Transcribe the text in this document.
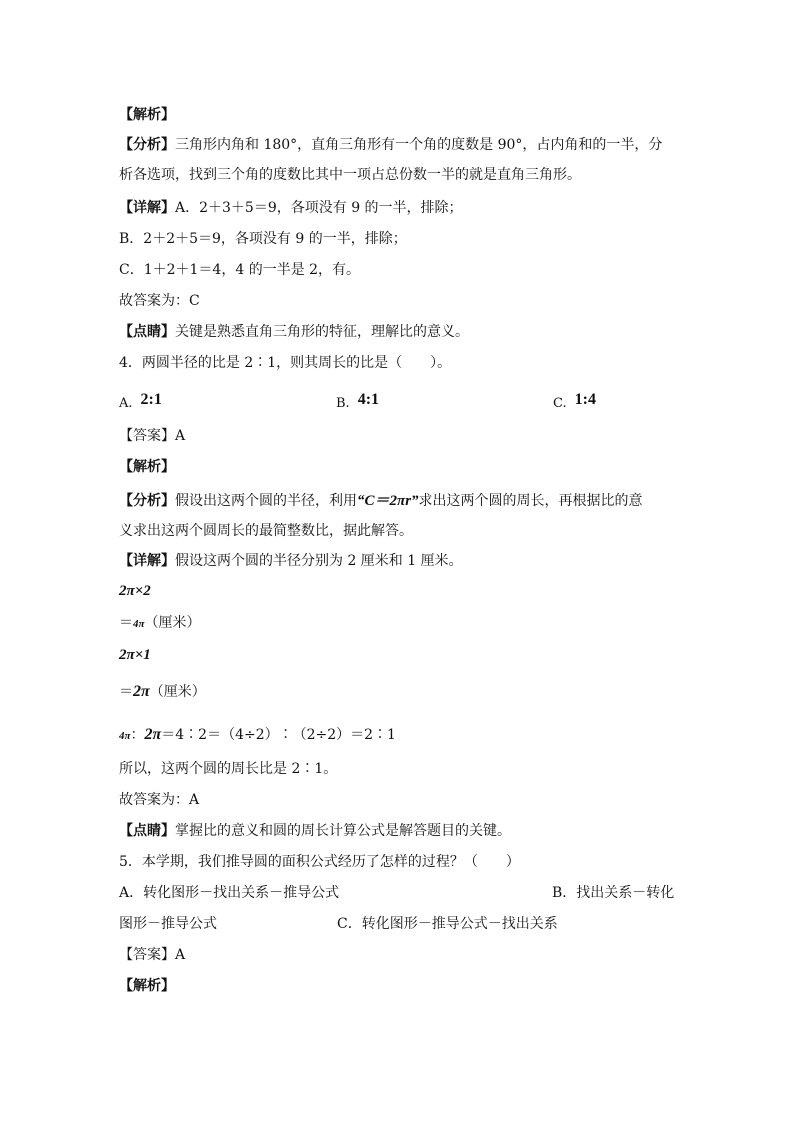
【解析】
【分析】三角形内角和 180°，直角三角形有一个角的度数是 90°，占内角和的一半，分
析各选项，找到三个角的度数比其中一项占总份数一半的就是直角三角形。
【详解】A．2＋3＋5＝9，各项没有 9 的一半，排除；
B．2＋2＋5＝9，各项没有 9 的一半，排除；
C．1＋2＋1＝4，4 的一半是 2，有。
故答案为：C
【点睛】关键是熟悉直角三角形的特征，理解比的意义。
4．两圆半径的比是 2∶1，则其周长的比是（　　）。
A. 2:1	B. 4:1	C. 1:4
【答案】A
【解析】
【分析】假设出这两个圆的半径，利用“C＝2πr”求出这两个圆的周长，再根据比的意
义求出这两个圆周长的最简整数比，据此解答。
【详解】假设这两个圆的半径分别为 2 厘米和 1 厘米。
2π×2
＝4π（厘米）
2π×1
＝2π（厘米）
4π：2π＝4∶2＝（4÷2）∶（2÷2）＝2∶1
所以，这两个圆的周长比是 2∶1。
故答案为：A
【点睛】掌握比的意义和圆的周长计算公式是解答题目的关键。
5．本学期，我们推导圆的面积公式经历了怎样的过程？（　　）
A．转化图形－找出关系－推导公式	B．找出关系－转化
图形－推导公式	C．转化图形－推导公式－找出关系
【答案】A
【解析】
